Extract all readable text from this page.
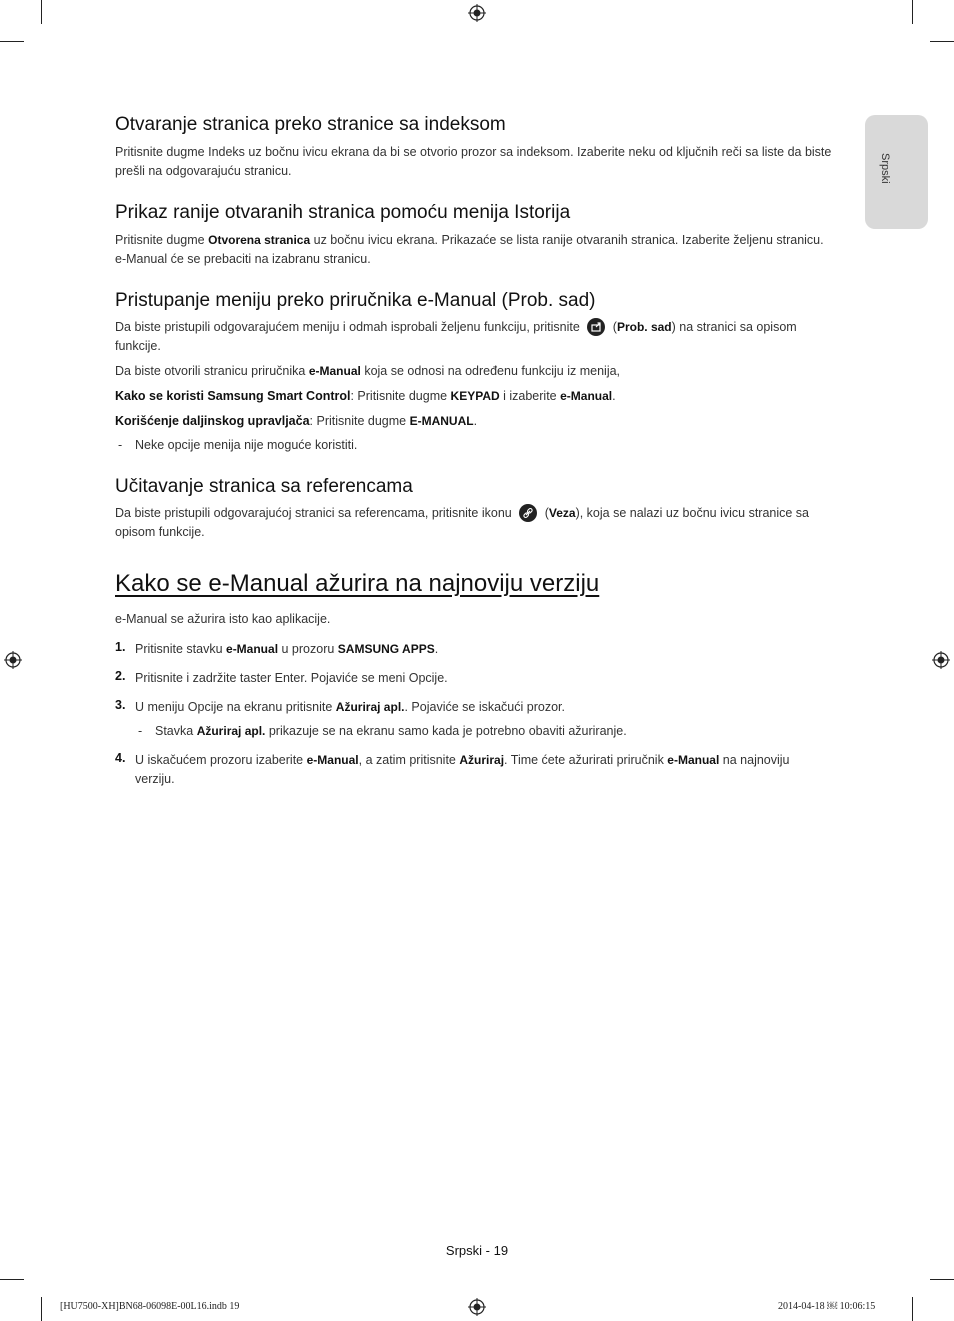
Srpski
Otvaranje stranica preko stranice sa indeksom

Pritisnite dugme Indeks uz bočnu ivicu ekrana da bi se otvorio prozor sa indeksom. Izaberite neku od ključnih reči sa liste da biste prešli na odgovarajuću stranicu.

Prikaz ranije otvaranih stranica pomoću menija Istorija

Pritisnite dugme Otvorena stranica uz bočnu ivicu ekrana. Prikazaće se lista ranije otvaranih stranica. Izaberite željenu stranicu. e-Manual će se prebaciti na izabranu stranicu.

Pristupanje meniju preko priručnika e-Manual (Prob. sad)

Da biste pristupili odgovarajućem meniju i odmah isprobali željenu funkciju, pritisnite  (Prob. sad) na stranici sa opisom funkcije.

Da biste otvorili stranicu priručnika e-Manual koja se odnosi na određenu funkciju iz menija,

Kako se koristi Samsung Smart Control: Pritisnite dugme KEYPAD i izaberite e-Manual.

Korišćenje daljinskog upravljača: Pritisnite dugme E-MANUAL.

-	Neke opcije menija nije moguće koristiti.

Učitavanje stranica sa referencama

Da biste pristupili odgovarajućoj stranici sa referencama, pritisnite ikonu  (Veza), koja se nalazi uz bočnu ivicu stranice sa opisom funkcije.

Kako se e-Manual ažurira na najnoviju verziju

e-Manual se ažurira isto kao aplikacije.

1. Pritisnite stavku e-Manual u prozoru SAMSUNG APPS.

2. Pritisnite i zadržite taster Enter. Pojaviće se meni Opcije.

3. U meniju Opcije na ekranu pritisnite Ažuriraj apl.. Pojaviće se iskačući prozor.

-	Stavka Ažuriraj apl. prikazuje se na ekranu samo kada je potrebno obaviti ažuriranje.

4. U iskačućem prozoru izaberite e-Manual, a zatim pritisnite Ažuriraj. Time ćete ažurirati priručnik e-Manual na najnoviju verziju.

Srpski - 19
[HU7500-XH]BN68-06098E-00L16.indb 19	2014-04-18 ￼ 10:06:15
